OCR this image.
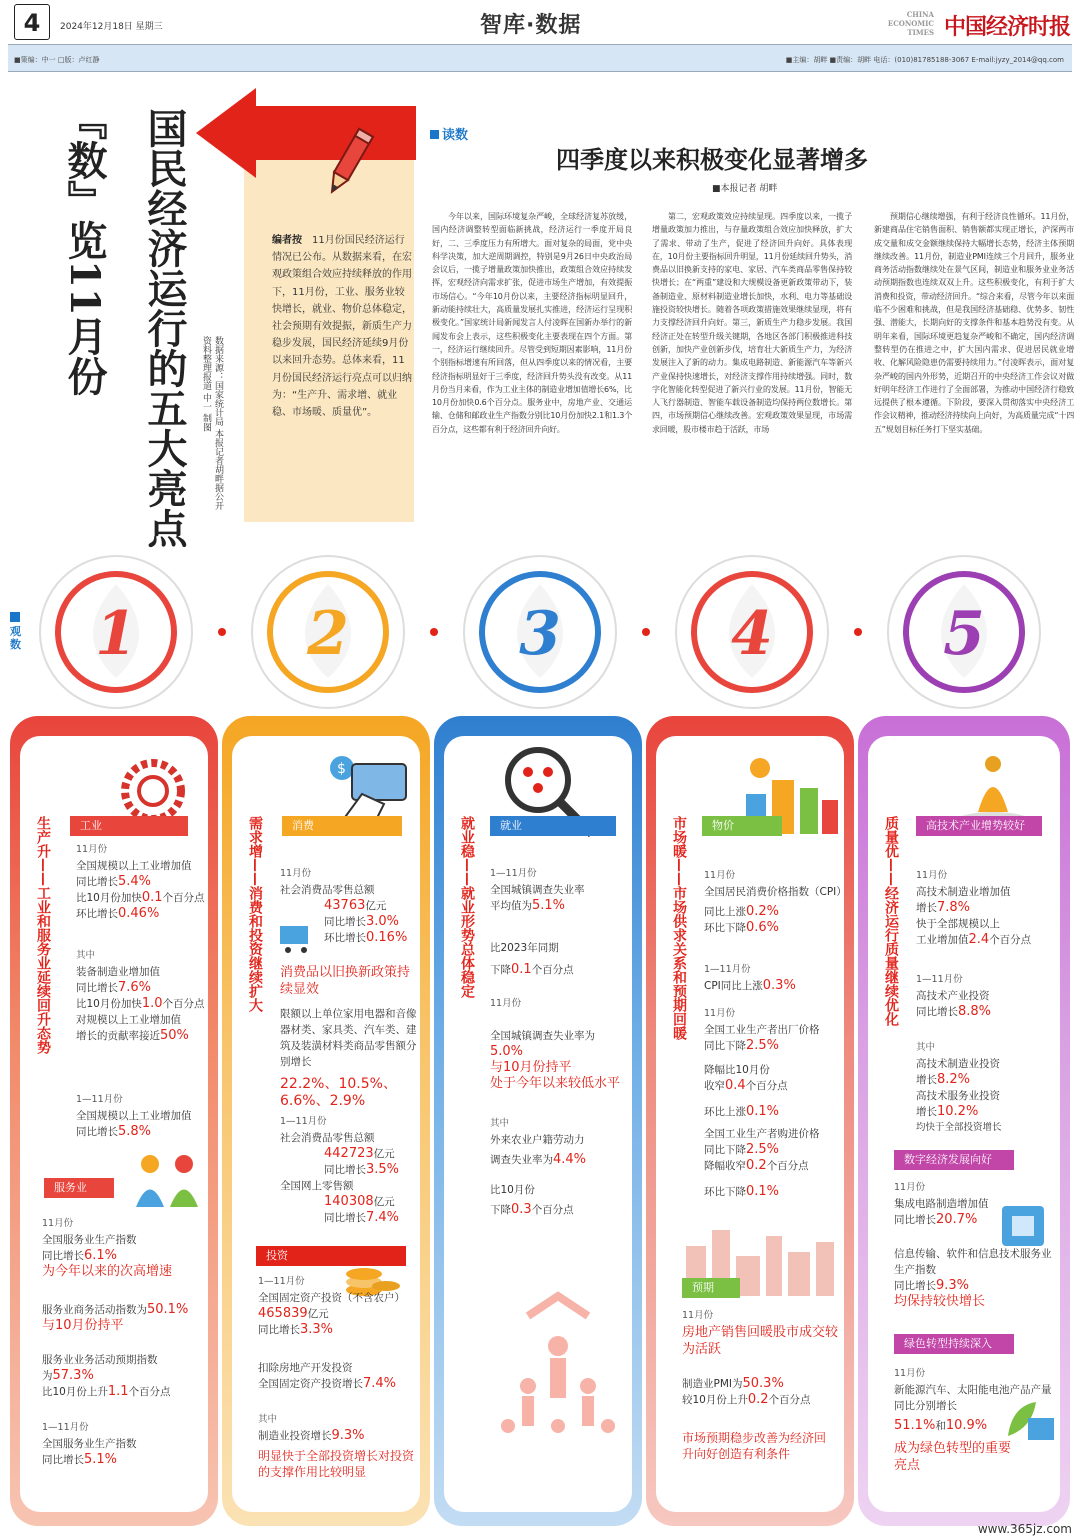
4	2024年12月18日 星期三	智库·数据	CHINA ECONOMIC TIMES 中国经济时报
■策编：中一 □版：卢红静	■主编：胡畔 ■责编：胡畔 电话：(010)81785188-3067 E-mail:jyzy_2014@qq.com
『数』览11月份 国民经济运行的五大亮点	数据来源：国家统计局 本报记者胡畔据公开资料整理报道 中一 制图
编者按　 11月份国民经济运行情况已公布。从数据来看，在宏观政策组合效应持续释放的作用下，11月份，工业、服务业较快增长，就业、物价总体稳定，社会预期有效提振，新质生产力稳步发展，国民经济延续9月份以来回升态势。总体来看，11月份国民经济运行亮点可以归纳为：“生产升、需求增、就业稳、市场暖、质量优”。
读数
四季度以来积极变化显著增多
■本报记者 胡畔
今年以来，国际环境复杂严峻，全球经济复苏放缓，国内经济调整转型面临新挑战，经济运行一季度开局良好，二、三季度压力有所增大。面对复杂的局面，党中央科学决策，加大逆周期调控，特别是9月26日中央政治局会议后，一揽子增量政策加快推出，政策组合效应持续发挥，宏观经济向需求扩张，促进市场生产增加，有效提振市场信心。“今年10月份以来，主要经济指标明显回升，新动能持续壮大，高质量发展扎实推进，经济运行呈现积极变化。”国家统计局新闻发言人付凌晖在国新办举行的新闻发布会上表示，这些积极变化主要表现在四个方面。第一，经济运行继续回升。尽管受到短期因素影响，11月份个别指标增速有所回落，但从四季度以来的情况看，主要经济指标明显好于三季度，经济回升势头没有改变。从11月份当月来看，作为工业主体的制造业增加值增长6%，比10月份加快0.6个百分点。服务业中，房地产业、交通运输、仓储和邮政业生产指数分别比10月份加快2.1和1.3个百分点，这些都有利于经济回升向好。
第二，宏观政策效应持续显现。四季度以来，一揽子增量政策加力推出，与存量政策组合效应加快释放，扩大了需求、带动了生产，促进了经济回升向好。具体表现在，10月份主要指标回升明显，11月份延续回升势头，消费品以旧换新支持的家电、家居、汽车类商品零售保持较快增长；在“两重”建设和大规模设备更新政策带动下，装备制造业、原材料制造业增长加快，水利、电力等基础设施投资较快增长。随着各项政策措施效果继续显现，将有力支撑经济回升向好。第三，新质生产力稳步发展。我国经济正处在转型升级关键期，各地区各部门积极推进科技创新，加快产业创新步伐，培育壮大新质生产力，为经济发展注入了新的动力。集成电路制造、新能源汽车等新兴产业保持快速增长，对经济支撑作用持续增强。同时，数字化智能化转型促进了新兴行业的发展。11月份，智能无人飞行器制造、智能车载设备制造均保持两位数增长。第四，市场预期信心继续改善。宏观政策效果显现，市场需求回暖，股市楼市趋于活跃，市场
预期信心继续增强，有利于经济良性循环。11月份，新建商品住宅销售面积、销售额都实现正增长，沪深两市成交量和成交金额继续保持大幅增长态势，经济主体预期继续改善。11月份，制造业PMI连续三个月回升，服务业商务活动指数继续处在景气区间，制造业和服务业业务活动预期指数也连续双双上升。这些积极变化，有利于扩大消费和投资，带动经济回升。“综合来看，尽管今年以来面临不少困难和挑战，但是我国经济基础稳、优势多、韧性强、潜能大，长期向好的支撑条件和基本趋势没有变。从明年来看，国际环境更趋复杂严峻和不确定，国内经济调整转型仍在推进之中，扩大国内需求、促进居民就业增收、化解风险隐患仍需要持续用力。”付凌晖表示，面对复杂严峻的国内外形势，近期召开的中央经济工作会议对做好明年经济工作进行了全面部署，为推动中国经济行稳致远提供了根本遵循。下阶段，要深入贯彻落实中央经济工作会议精神，推动经济持续向上向好，为高质量完成“十四五”规划目标任务打下坚实基础。
观数 1	2	3	4	5
生产升——工业和服务业延续回升态势	工业
11月份
全国规模以上工业增加值
同比增长5.4%
比10月份加快0.1个百分点
环比增长0.46%
其中
装备制造业增加值
同比增长7.6%
比10月份加快1.0个百分点
对规模以上工业增加值
增长的贡献率接近50%
1—11月份
全国规模以上工业增加值
同比增长5.8%
服务业
11月份
全国服务业生产指数
同比增长6.1%
为今年以来的次高增速
服务业商务活动指数为50.1%
与10月份持平
服务业业务活动预期指数
为57.3%
比10月份上升1.1个百分点
1—11月份
全国服务业生产指数
同比增长5.1%
$
需求增——消费和投资继续扩大	消费
11月份
社会消费品零售总额
43763亿元
同比增长3.0%
环比增长0.16%
消费品以旧换新政策持续显效
限额以上单位家用电器和音像器材类、家具类、汽车类、建筑及装潢材料类商品零售额分别增长
22.2%、10.5%、6.6%、2.9%
1—11月份
社会消费品零售总额
442723亿元
同比增长3.5%
全国网上零售额
140308亿元
同比增长7.4%
投资
1—11月份
全国固定资产投资（不含农户）
465839亿元
同比增长3.3%
扣除房地产开发投资
全国固定资产投资增长7.4%
其中
制造业投资增长9.3%
明显快于全部投资增长对投资的支撑作用比较明显
就业稳——就业形势总体稳定	就业
1—11月份
全国城镇调查失业率
平均值为5.1%
比2023年同期
下降0.1个百分点
11月份
全国城镇调查失业率为
5.0%
与10月份持平
处于今年以来较低水平
其中
外来农业户籍劳动力
调查失业率为4.4%
比10月份
下降0.3个百分点
市场暖——市场供求关系和预期回暖	物价
11月份
全国居民消费价格指数（CPI）
同比上涨0.2%
环比下降0.6%
1—11月份
CPI同比上涨0.3%
11月份
全国工业生产者出厂价格
同比下降2.5%
降幅比10月份
收窄0.4个百分点
环比上涨0.1%
全国工业生产者购进价格
同比下降2.5%
降幅收窄0.2个百分点
环比下降0.1%
预期
11月份
房地产销售回暖股市成交较为活跃
制造业PMI为50.3%
较10月份上升0.2个百分点
市场预期稳步改善为经济回升向好创造有利条件
质量优——经济运行质量继续优化	高技术产业增势较好
11月份
高技术制造业增加值
增长7.8%
快于全部规模以上
工业增加值2.4个百分点
1—11月份
高技术产业投资
同比增长8.8%
其中
高技术制造业投资
增长8.2%
高技术服务业投资
增长10.2%
均快于全部投资增长
数字经济发展向好
11月份
集成电路制造增加值
同比增长20.7%
信息传输、软件和信息技术服务业生产指数
同比增长9.3%
均保持较快增长
绿色转型持续深入
11月份
新能源汽车、太阳能电池产品产量同比分别增长
51.1%和10.9%
成为绿色转型的重要亮点
www.365jz.com
